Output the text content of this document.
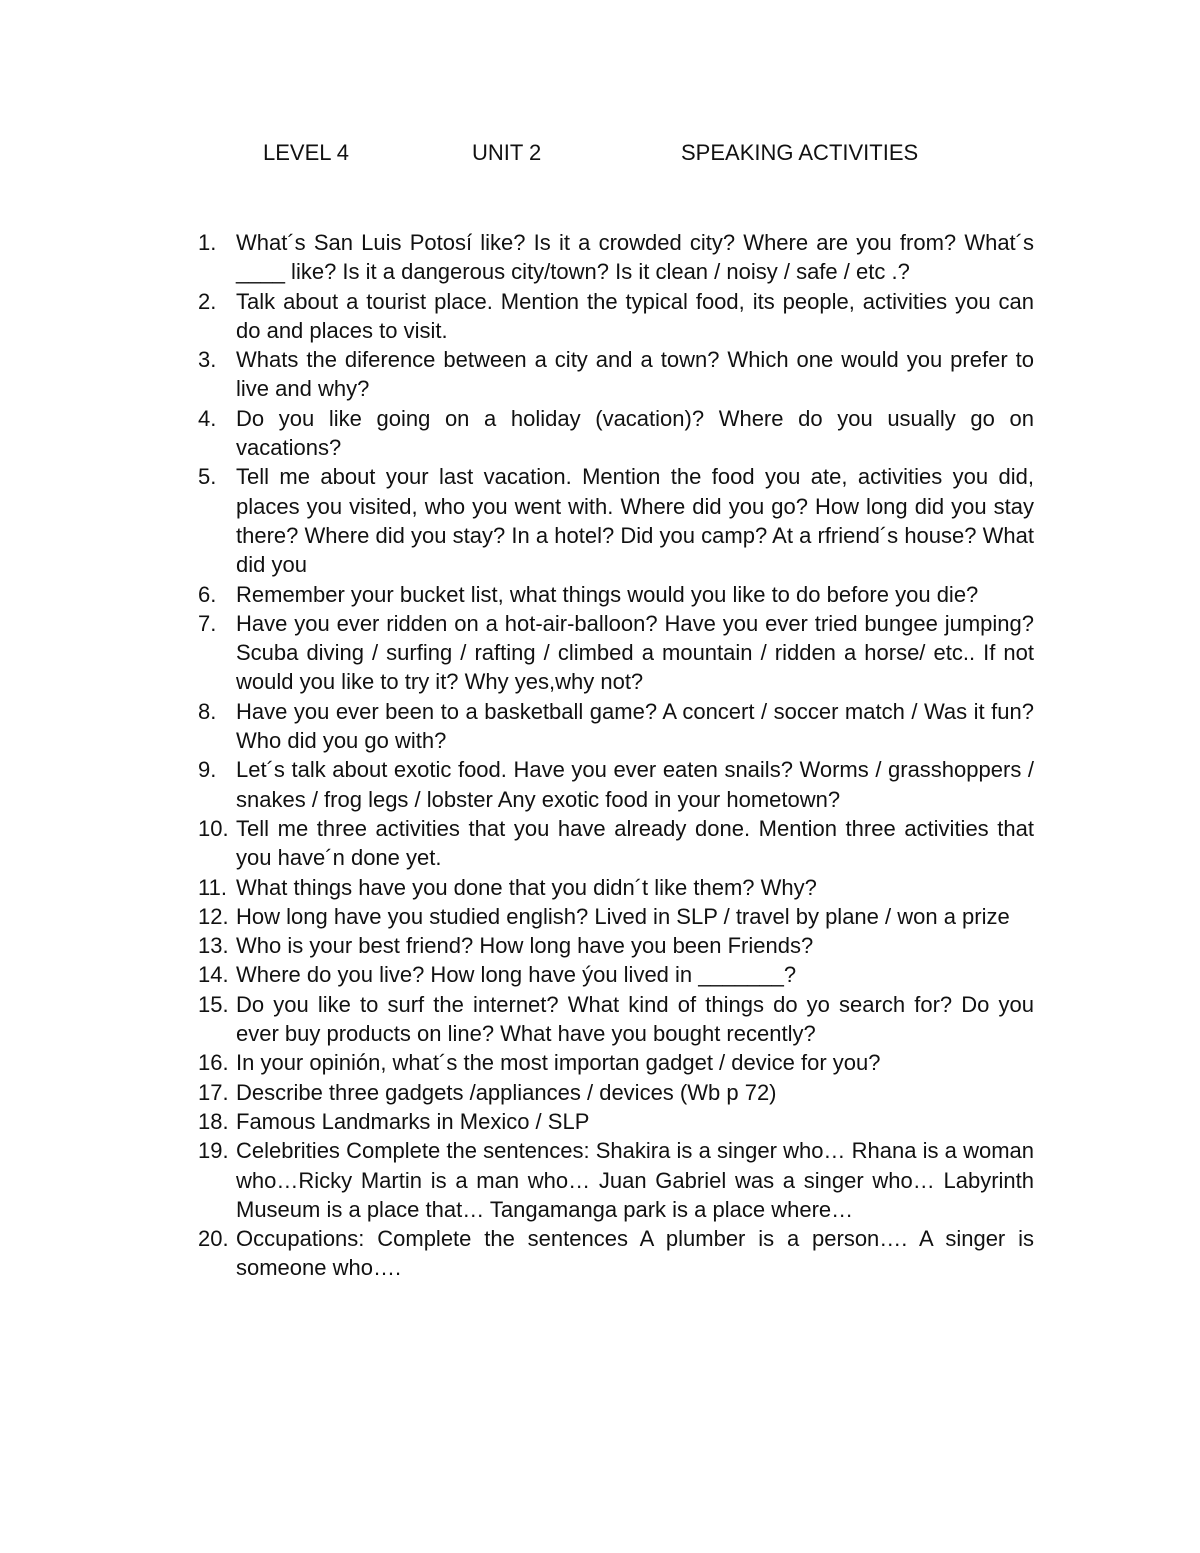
LEVEL 4	UNIT 2	SPEAKING ACTIVITIES
1. What´s San Luis Potosí like? Is it a crowded city? Where are you from? What´s ____ like? Is it a dangerous city/town? Is it clean / noisy / safe / etc .?
2. Talk about a tourist place. Mention the typical food, its people, activities you can do and places to visit.
3. Whats the diference between a city and a town? Which one would you prefer to live and why?
4. Do you like going on a holiday (vacation)? Where do you usually go on vacations?
5. Tell me about your last vacation. Mention the food you ate, activities you did, places you visited, who you went with. Where did you go? How long did you stay there? Where did you stay? In a hotel? Did you camp? At a rfriend´s house? What did you
6. Remember your bucket list, what things would you like to do before you die?
7. Have you ever ridden on a hot-air-balloon? Have you ever tried bungee jumping? Scuba diving / surfing / rafting / climbed a mountain / ridden a horse/ etc.. If not would you like to try it? Why yes,why not?
8. Have you ever been to a basketball game? A concert / soccer match / Was it fun? Who did you go with?
9. Let´s talk about exotic food. Have you ever eaten snails? Worms / grasshoppers / snakes / frog legs / lobster Any exotic food in your hometown?
10. Tell me three activities that you have already done. Mention three activities that you have´n done yet.
11. What things have you done that you didn´t like them? Why?
12. How long have you studied english? Lived in SLP / travel by plane / won a prize
13. Who is your best friend? How long have you been Friends?
14. Where do you live? How long have ýou lived in _______?
15. Do you like to surf the internet? What kind of things do yo search for? Do you ever buy products on line? What have you bought recently?
16. In your opinión, what´s the most importan gadget / device for you?
17. Describe three gadgets /appliances / devices (Wb p 72)
18. Famous Landmarks in Mexico / SLP
19. Celebrities Complete the sentences: Shakira is a singer who… Rhana is a woman who…Ricky Martin is a man who… Juan Gabriel was a singer who… Labyrinth Museum is a place that… Tangamanga park is a place where…
20. Occupations: Complete the sentences A plumber is a person…. A singer is someone who….
